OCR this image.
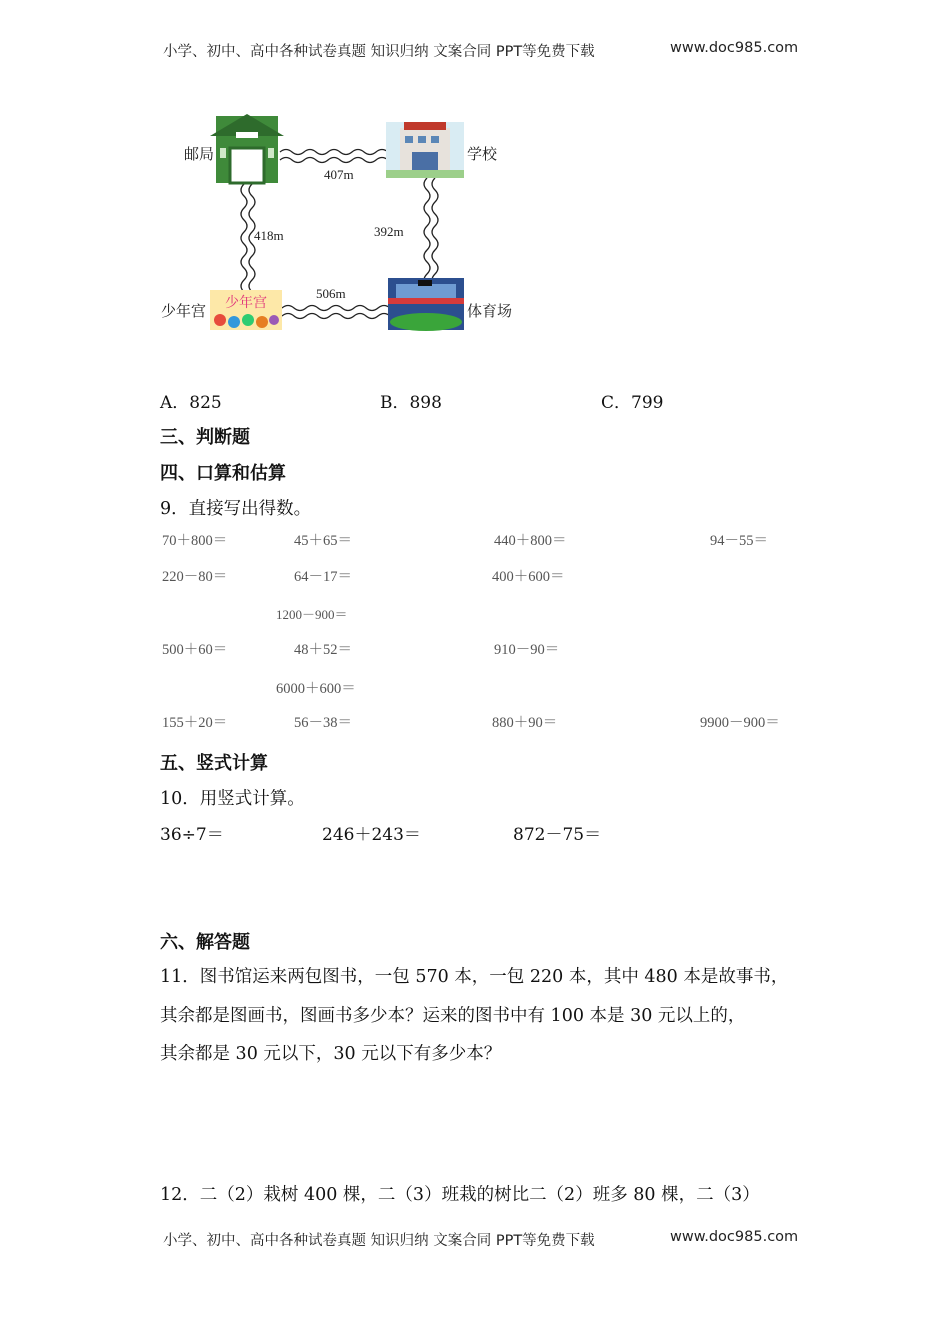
小学、初中、高中各种试卷真题 知识归纳 文案合同 PPT等免费下载	www.doc985.com
少年宫
邮局	学校
少年宫	体育场
407m
418m	392m
506m
A．825	B．898	C．799
三、判断题
四、口算和估算
9．直接写出得数。
70＋800＝	45＋65＝	440＋800＝	94－55＝
220－80＝	64－17＝	400＋600＝
1200－900＝
500＋60＝	48＋52＝	910－90＝
6000＋600＝
155＋20＝	56－38＝	880＋90＝	9900－900＝
五、竖式计算
10．用竖式计算。
36÷7＝	246＋243＝	872－75＝
六、解答题
11．图书馆运来两包图书，一包 570 本，一包 220 本，其中 480 本是故事书，
其余都是图画书，图画书多少本？运来的图书中有 100 本是 30 元以上的，
其余都是 30 元以下，30 元以下有多少本？
12．二（2）栽树 400 棵，二（3）班栽的树比二（2）班多 80 棵，二（3）
小学、初中、高中各种试卷真题 知识归纳 文案合同 PPT等免费下载	www.doc985.com
